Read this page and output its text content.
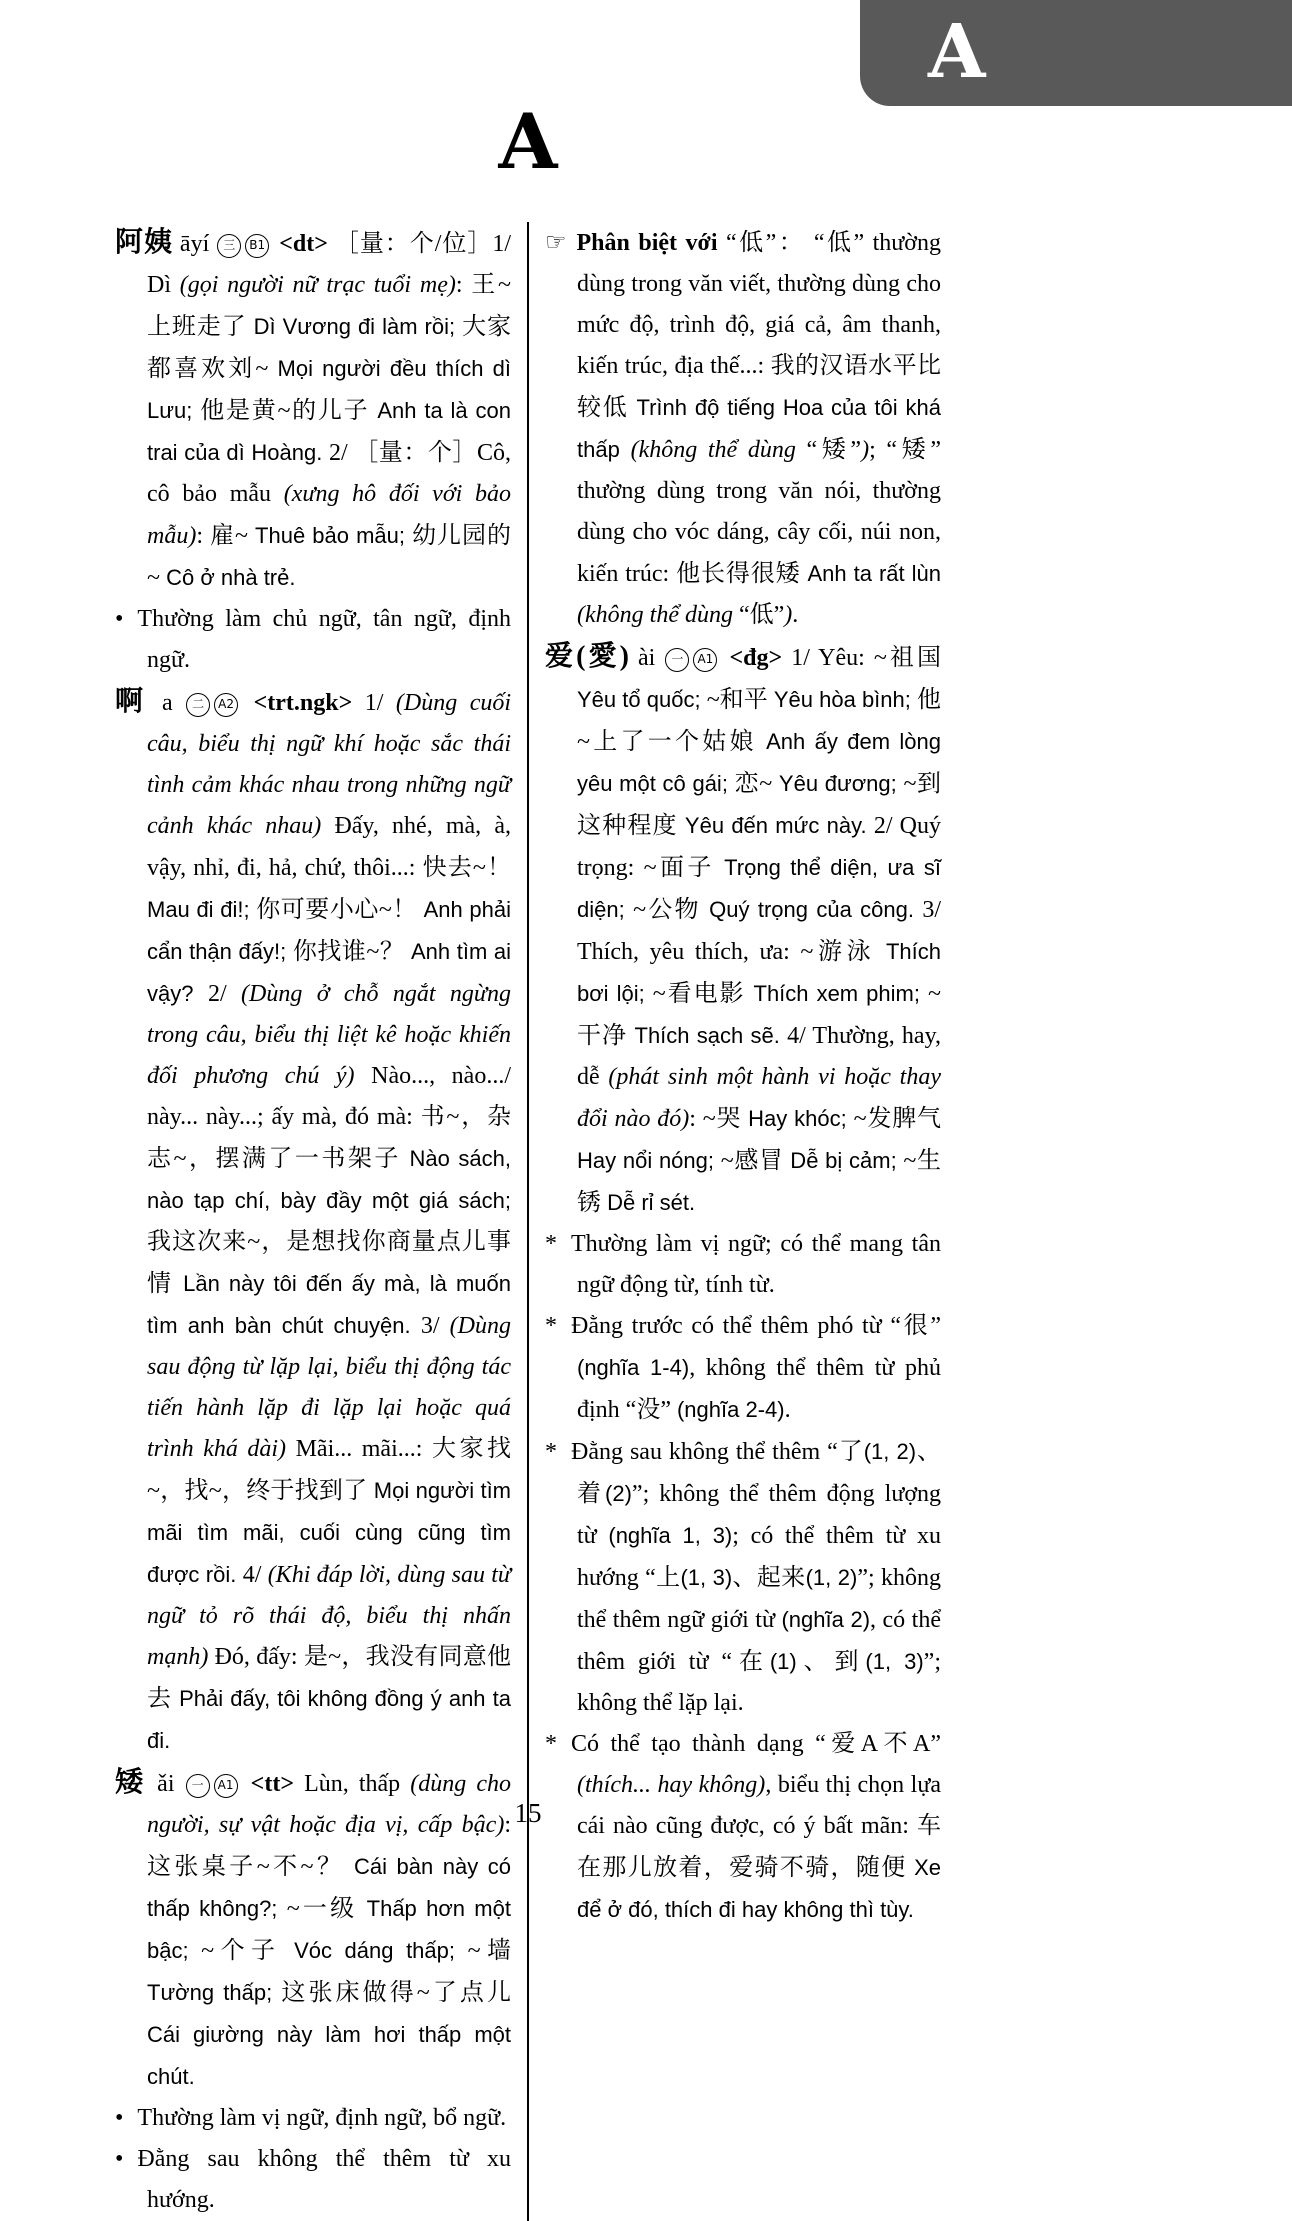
A
A

阿姨 āyí 三 B1 <dt> ［量：个/位］1/ Dì (gọi người nữ trạc tuổi mẹ): 王~上班走了 Dì Vương đi làm rồi; 大家都喜欢刘~ Mọi người đều thích dì Lưu; 他是黄~的儿子 Anh ta là con trai của dì Hoàng. 2/ ［量：个］Cô, cô bảo mẫu (xưng hô đối với bảo mẫu): 雇~ Thuê bảo mẫu; 幼儿园的~ Cô ở nhà trẻ.

• Thường làm chủ ngữ, tân ngữ, định ngữ.

啊 a 二 A2 <trt.ngk> 1/ (Dùng cuối câu, biểu thị ngữ khí hoặc sắc thái tình cảm khác nhau trong những ngữ cảnh khác nhau) Đấy, nhé, mà, à, vậy, nhỉ, đi, hả, chứ, thôi...: 快去~！ Mau đi đi!; 你可要小心~！ Anh phải cẩn thận đấy!; 你找谁~？ Anh tìm ai vậy? 2/ (Dùng ở chỗ ngắt ngừng trong câu, biểu thị liệt kê hoặc khiến đối phương chú ý) Nào..., nào.../ này... này...; ấy mà, đó mà: 书~，杂志~，摆满了一书架子 Nào sách, nào tạp chí, bày đầy một giá sách; 我这次来~，是想找你商量点儿事情 Lần này tôi đến ấy mà, là muốn tìm anh bàn chút chuyện. 3/ (Dùng sau động từ lặp lại, biểu thị động tác tiến hành lặp đi lặp lại hoặc quá trình khá dài) Mãi... mãi...: 大家找~，找~，终于找到了 Mọi người tìm mãi tìm mãi, cuối cùng cũng tìm được rồi. 4/ (Khi đáp lời, dùng sau từ ngữ tỏ rõ thái độ, biểu thị nhấn mạnh) Đó, đấy: 是~，我没有同意他去 Phải đấy, tôi không đồng ý anh ta đi.

矮 ǎi 一 A1 <tt> Lùn, thấp (dùng cho người, sự vật hoặc địa vị, cấp bậc): 这张桌子~不~？ Cái bàn này có thấp không?; ~一级 Thấp hơn một bậc; ~个子 Vóc dáng thấp; ~墙 Tường thấp; 这张床做得~了点儿 Cái giường này làm hơi thấp một chút.

• Thường làm vị ngữ, định ngữ, bổ ngữ.

• Đằng sau không thể thêm từ xu hướng.

☞ Phân biệt với “低”： “低” thường dùng trong văn viết, thường dùng cho mức độ, trình độ, giá cả, âm thanh, kiến trúc, địa thế...: 我的汉语水平比较低 Trình độ tiếng Hoa của tôi khá thấp (không thể dùng “矮”); “矮” thường dùng trong văn nói, thường dùng cho vóc dáng, cây cối, núi non, kiến trúc: 他长得很矮 Anh ta rất lùn (không thể dùng “低”).

爱(愛) ài 一 A1 <đg> 1/ Yêu: ~祖国 Yêu tổ quốc; ~和平 Yêu hòa bình; 他~上了一个姑娘 Anh ấy đem lòng yêu một cô gái; 恋~ Yêu đương; ~到这种程度 Yêu đến mức này. 2/ Quý trọng: ~面子 Trọng thể diện, ưa sĩ diện; ~公物 Quý trọng của công. 3/ Thích, yêu thích, ưa: ~游泳 Thích bơi lội; ~看电影 Thích xem phim; ~干净 Thích sạch sẽ. 4/ Thường, hay, dễ (phát sinh một hành vi hoặc thay đổi nào đó): ~哭 Hay khóc; ~发脾气 Hay nổi nóng; ~感冒 Dễ bị cảm; ~生锈 Dễ rỉ sét.

* Thường làm vị ngữ; có thể mang tân ngữ động từ, tính từ.

* Đằng trước có thể thêm phó từ “很” (nghĩa 1-4), không thể thêm từ phủ định “没” (nghĩa 2-4).

* Đằng sau không thể thêm “了(1, 2)、着(2)”; không thể thêm động lượng từ (nghĩa 1, 3); có thể thêm từ xu hướng “上(1, 3)、起来(1, 2)”; không thể thêm ngữ giới từ (nghĩa 2), có thể thêm giới từ “在(1)、到(1, 3)”; không thể lặp lại.

* Có thể tạo thành dạng “爱A不A” (thích... hay không), biểu thị chọn lựa cái nào cũng được, có ý bất mãn: 车在那儿放着，爱骑不骑，随便 Xe để ở đó, thích đi hay không thì tùy.

15
